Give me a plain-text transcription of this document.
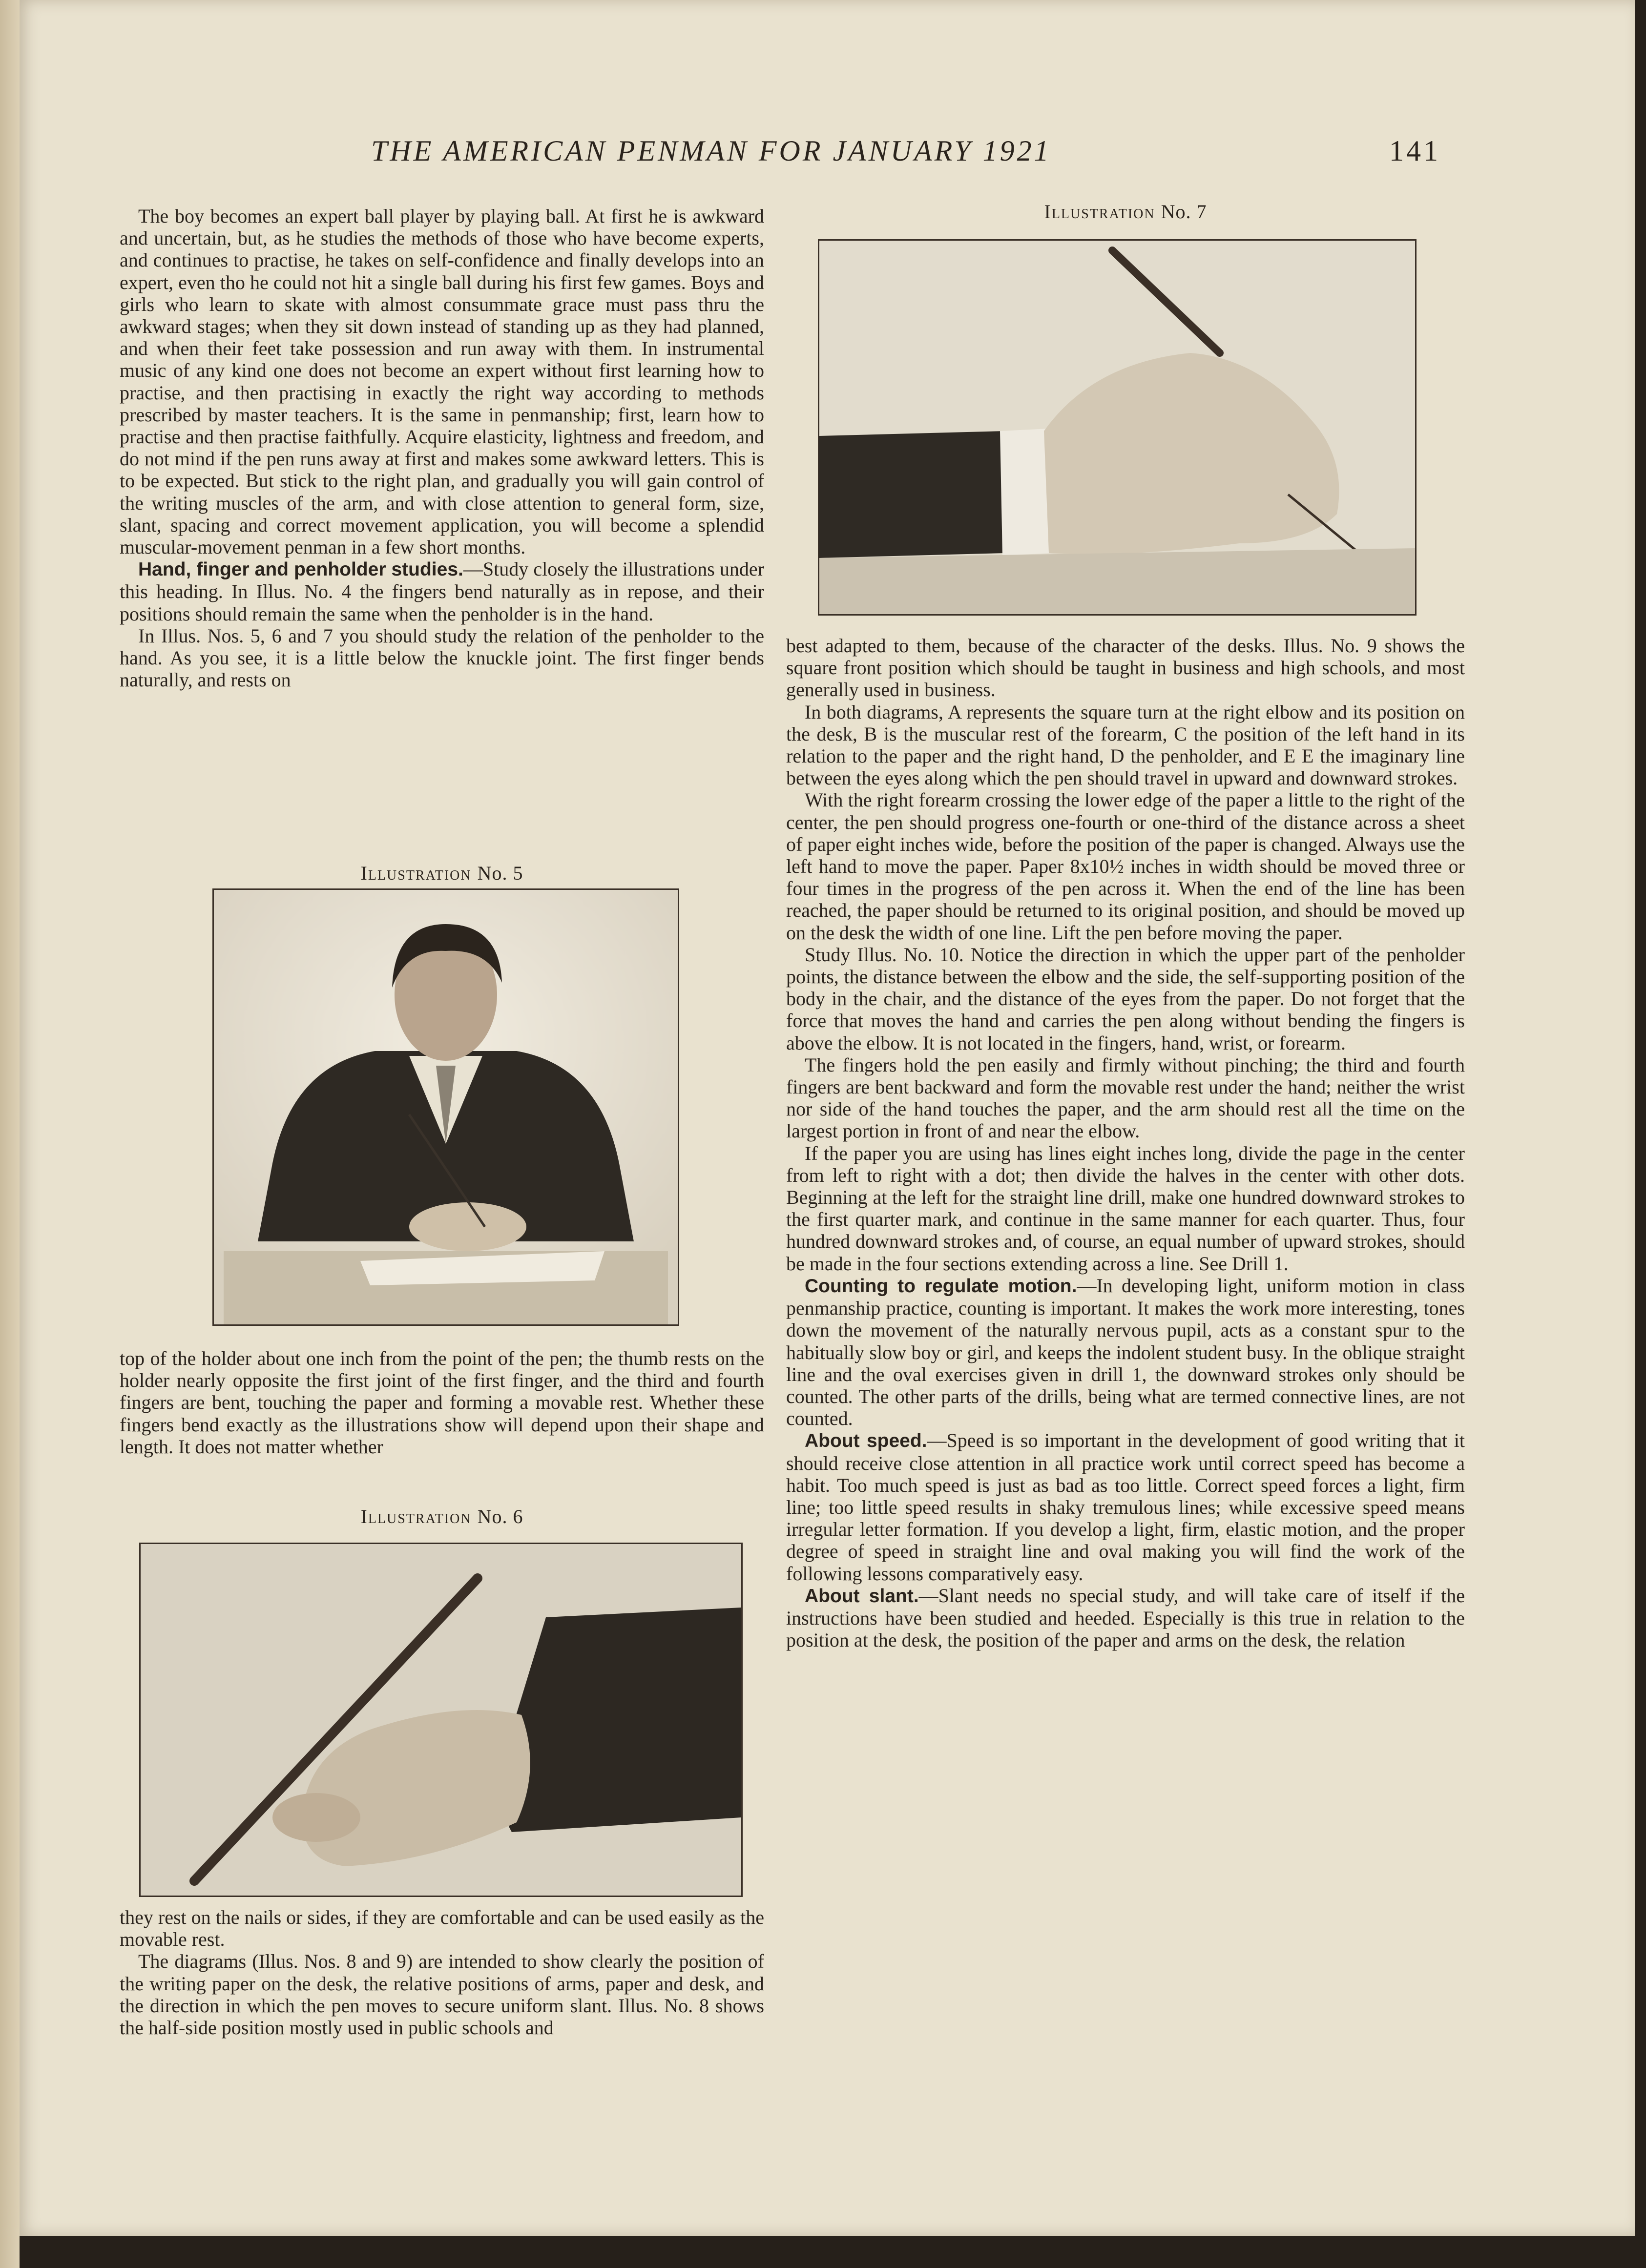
THE AMERICAN PENMAN FOR JANUARY 1921	141

The boy becomes an expert ball player by playing ball. At first he is awkward and uncertain, but, as he studies the methods of those who have become experts, and continues to practise, he takes on self-confidence and finally develops into an expert, even tho he could not hit a single ball during his first few games. Boys and girls who learn to skate with almost consummate grace must pass thru the awkward stages; when they sit down instead of standing up as they had planned, and when their feet take possession and run away with them. In instrumental music of any kind one does not become an expert without first learning how to practise, and then practising in exactly the right way according to methods prescribed by master teachers. It is the same in penmanship; first, learn how to practise and then practise faithfully. Acquire elasticity, lightness and freedom, and do not mind if the pen runs away at first and makes some awkward letters. This is to be expected. But stick to the right plan, and gradually you will gain control of the writing muscles of the arm, and with close attention to general form, size, slant, spacing and correct movement application, you will become a splendid muscular-movement penman in a few short months.

Hand, finger and penholder studies.—Study closely the illustrations under this heading. In Illus. No. 4 the fingers bend naturally as in repose, and their positions should remain the same when the penholder is in the hand.

In Illus. Nos. 5, 6 and 7 you should study the relation of the penholder to the hand. As you see, it is a little below the knuckle joint. The first finger bends naturally, and rests on

Illustration No. 5

top of the holder about one inch from the point of the pen; the thumb rests on the holder nearly opposite the first joint of the first finger, and the third and fourth fingers are bent, touching the paper and forming a movable rest. Whether these fingers bend exactly as the illustrations show will depend upon their shape and length. It does not matter whether

Illustration No. 6

they rest on the nails or sides, if they are comfortable and can be used easily as the movable rest.

The diagrams (Illus. Nos. 8 and 9) are intended to show clearly the position of the writing paper on the desk, the relative positions of arms, paper and desk, and the direction in which the pen moves to secure uniform slant. Illus. No. 8 shows the half-side position mostly used in public schools and

Illustration No. 7

best adapted to them, because of the character of the desks. Illus. No. 9 shows the square front position which should be taught in business and high schools, and most generally used in business.

In both diagrams, A represents the square turn at the right elbow and its position on the desk, B is the muscular rest of the forearm, C the position of the left hand in its relation to the paper and the right hand, D the penholder, and E E the imaginary line between the eyes along which the pen should travel in upward and downward strokes.

With the right forearm crossing the lower edge of the paper a little to the right of the center, the pen should progress one-fourth or one-third of the distance across a sheet of paper eight inches wide, before the position of the paper is changed. Always use the left hand to move the paper. Paper 8x10½ inches in width should be moved three or four times in the progress of the pen across it. When the end of the line has been reached, the paper should be returned to its original position, and should be moved up on the desk the width of one line. Lift the pen before moving the paper.

Study Illus. No. 10. Notice the direction in which the upper part of the penholder points, the distance between the elbow and the side, the self-supporting position of the body in the chair, and the distance of the eyes from the paper. Do not forget that the force that moves the hand and carries the pen along without bending the fingers is above the elbow. It is not located in the fingers, hand, wrist, or forearm.

The fingers hold the pen easily and firmly without pinching; the third and fourth fingers are bent backward and form the movable rest under the hand; neither the wrist nor side of the hand touches the paper, and the arm should rest all the time on the largest portion in front of and near the elbow.

If the paper you are using has lines eight inches long, divide the page in the center from left to right with a dot; then divide the halves in the center with other dots. Beginning at the left for the straight line drill, make one hundred downward strokes to the first quarter mark, and continue in the same manner for each quarter. Thus, four hundred downward strokes and, of course, an equal number of upward strokes, should be made in the four sections extending across a line. See Drill 1.

Counting to regulate motion.—In developing light, uniform motion in class penmanship practice, counting is important. It makes the work more interesting, tones down the movement of the naturally nervous pupil, acts as a constant spur to the habitually slow boy or girl, and keeps the indolent student busy. In the oblique straight line and the oval exercises given in drill 1, the downward strokes only should be counted. The other parts of the drills, being what are termed connective lines, are not counted.

About speed.—Speed is so important in the development of good writing that it should receive close attention in all practice work until correct speed has become a habit. Too much speed is just as bad as too little. Correct speed forces a light, firm line; too little speed results in shaky tremulous lines; while excessive speed means irregular letter formation. If you develop a light, firm, elastic motion, and the proper degree of speed in straight line and oval making you will find the work of the following lessons comparatively easy.

About slant.—Slant needs no special study, and will take care of itself if the instructions have been studied and heeded. Especially is this true in relation to the position at the desk, the position of the paper and arms on the desk, the relation
